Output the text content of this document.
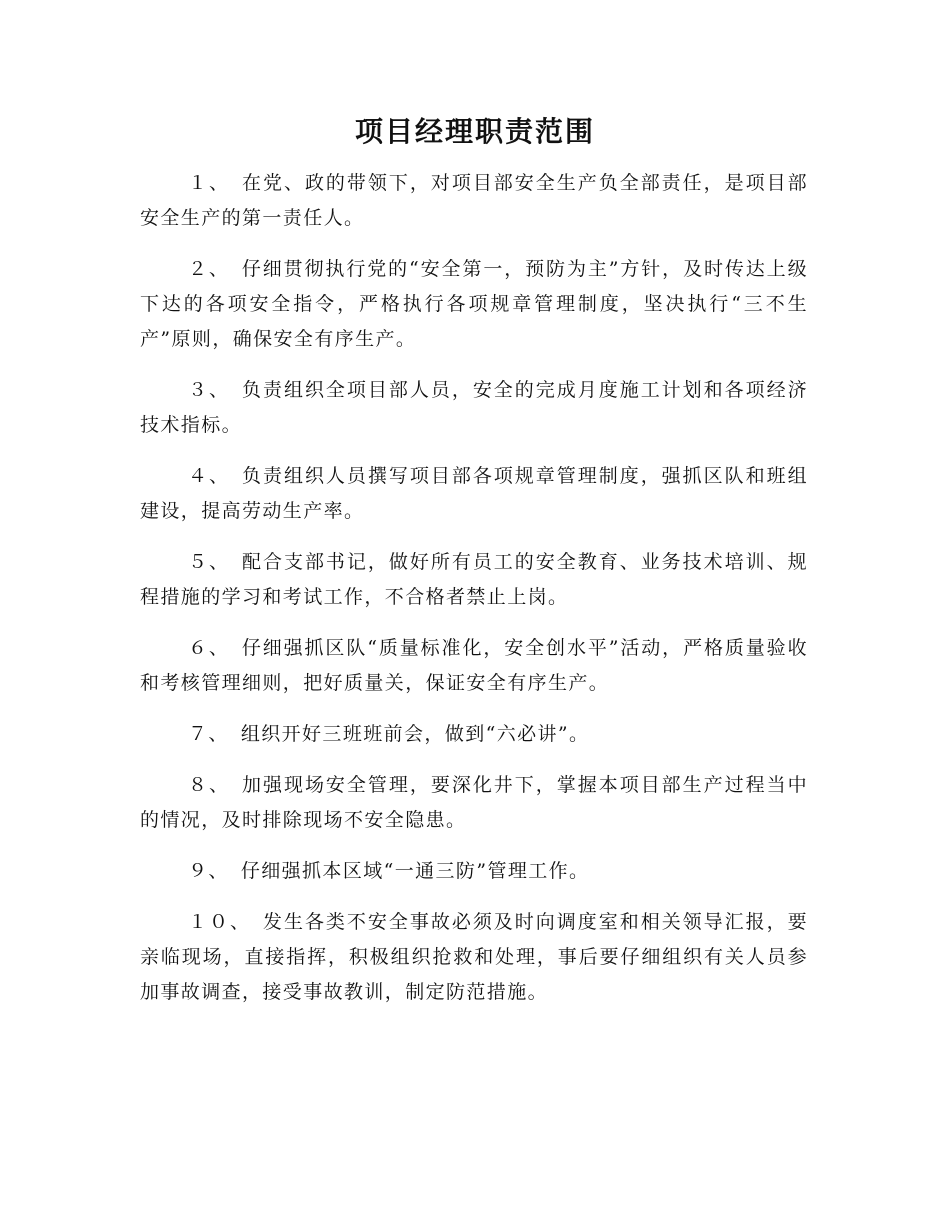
项目经理职责范围

１、 在党、政的带领下，对项目部安全生产负全部责任，是项目部安全生产的第一责任人。

２、 仔细贯彻执行党的“安全第一，预防为主”方针，及时传达上级下达的各项安全指令，严格执行各项规章管理制度，坚决执行“三不生产”原则，确保安全有序生产。

３、 负责组织全项目部人员，安全的完成月度施工计划和各项经济技术指标。

４、 负责组织人员撰写项目部各项规章管理制度，强抓区队和班组建设，提高劳动生产率。

５、 配合支部书记，做好所有员工的安全教育、业务技术培训、规程措施的学习和考试工作，不合格者禁止上岗。

６、 仔细强抓区队“质量标准化，安全创水平”活动，严格质量验收和考核管理细则，把好质量关，保证安全有序生产。

７、 组织开好三班班前会，做到“六必讲”。

８、 加强现场安全管理，要深化井下，掌握本项目部生产过程当中的情况，及时排除现场不安全隐患。

９、 仔细强抓本区域“一通三防”管理工作。

１０、 发生各类不安全事故必须及时向调度室和相关领导汇报，要亲临现场，直接指挥，积极组织抢救和处理，事后要仔细组织有关人员参加事故调查，接受事故教训，制定防范措施。
